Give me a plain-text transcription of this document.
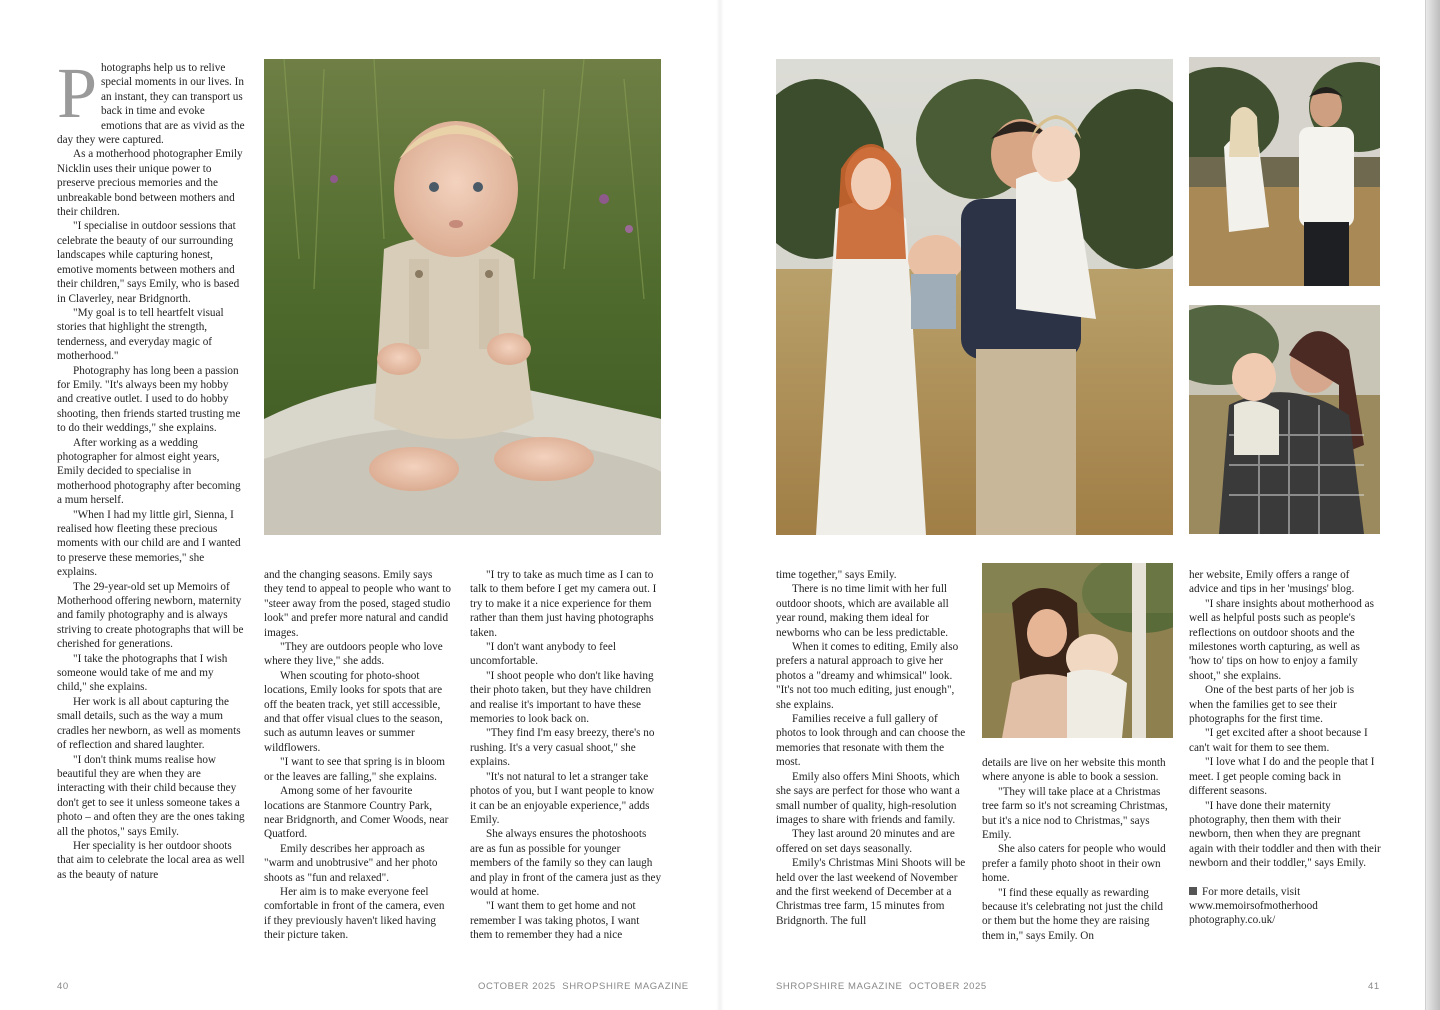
P hotographs help us to relive special moments in our lives. In an instant, they can transport us back in time and evoke emotions that are as vivid as the day they were captured.

As a motherhood photographer Emily Nicklin uses their unique power to preserve precious memories and the unbreakable bond between mothers and their children.

"I specialise in outdoor sessions that celebrate the beauty of our surrounding landscapes while capturing honest, emotive moments between mothers and their children," says Emily, who is based in Claverley, near Bridgnorth.

"My goal is to tell heartfelt visual stories that highlight the strength, tenderness, and everyday magic of motherhood."

Photography has long been a passion for Emily. "It's always been my hobby and creative outlet. I used to do hobby shooting, then friends started trusting me to do their weddings," she explains.

After working as a wedding photographer for almost eight years, Emily decided to specialise in motherhood photography after becoming a mum herself.

"When I had my little girl, Sienna, I realised how fleeting these precious moments with our child are and I wanted to preserve these memories," she explains.

The 29-year-old set up Memoirs of Motherhood offering newborn, maternity and family photography and is always striving to create photographs that will be cherished for generations.

"I take the photographs that I wish someone would take of me and my child," she explains.

Her work is all about capturing the small details, such as the way a mum cradles her newborn, as well as moments of reflection and shared laughter.

"I don't think mums realise how beautiful they are when they are interacting with their child because they don't get to see it unless someone takes a photo – and often they are the ones taking all the photos," says Emily.

Her speciality is her outdoor shoots that aim to celebrate the local area as well as the beauty of nature

and the changing seasons. Emily says they tend to appeal to people who want to "steer away from the posed, staged studio look" and prefer more natural and candid images.

"They are outdoors people who love where they live," she adds.

When scouting for photo-shoot locations, Emily looks for spots that are off the beaten track, yet still accessible, and that offer visual clues to the season, such as autumn leaves or summer wildflowers.

"I want to see that spring is in bloom or the leaves are falling," she explains.

Among some of her favourite locations are Stanmore Country Park, near Bridgnorth, and Comer Woods, near Quatford.

Emily describes her approach as "warm and unobtrusive" and her photo shoots as "fun and relaxed".

Her aim is to make everyone feel comfortable in front of the camera, even if they previously haven't liked having their picture taken.

"I try to take as much time as I can to talk to them before I get my camera out. I try to make it a nice experience for them rather than them just having photographs taken.

"I don't want anybody to feel uncomfortable.

"I shoot people who don't like having their photo taken, but they have children and realise it's important to have these memories to look back on.

"They find I'm easy breezy, there's no rushing. It's a very casual shoot," she explains.

"It's not natural to let a stranger take photos of you, but I want people to know it can be an enjoyable experience," adds Emily.

She always ensures the photoshoots are as fun as possible for younger members of the family so they can laugh and play in front of the camera just as they would at home.

"I want them to get home and not remember I was taking photos, I want them to remember they had a nice

40	OCTOBER 2025 SHROPSHIRE MAGAZINE

time together," says Emily.

There is no time limit with her full outdoor shoots, which are available all year round, making them ideal for newborns who can be less predictable.

When it comes to editing, Emily also prefers a natural approach to give her photos a "dreamy and whimsical" look. "It's not too much editing, just enough", she explains.

Families receive a full gallery of photos to look through and can choose the memories that resonate with them the most.

Emily also offers Mini Shoots, which she says are perfect for those who want a small number of quality, high-resolution images to share with friends and family.

They last around 20 minutes and are offered on set days seasonally.

Emily's Christmas Mini Shoots will be held over the last weekend of November and the first weekend of December at a Christmas tree farm, 15 minutes from Bridgnorth. The full

details are live on her website this month where anyone is able to book a session.

"They will take place at a Christmas tree farm so it's not screaming Christmas, but it's a nice nod to Christmas," says Emily.

She also caters for people who would prefer a family photo shoot in their own home.

"I find these equally as rewarding because it's celebrating not just the child or them but the home they are raising them in," says Emily. On

her website, Emily offers a range of advice and tips in her 'musings' blog.

"I share insights about motherhood as well as helpful posts such as people's reflections on outdoor shoots and the milestones worth capturing, as well as 'how to' tips on how to enjoy a family shoot," she explains.

One of the best parts of her job is when the families get to see their photographs for the first time.

"I get excited after a shoot because I can't wait for them to see them.

"I love what I do and the people that I meet. I get people coming back in different seasons.

"I have done their maternity photography, then them with their newborn, then when they are pregnant again with their toddler and then with their newborn and their toddler," says Emily.

For more details, visit
www.memoirsofmotherhood photography.co.uk/

SHROPSHIRE MAGAZINE OCTOBER 2025	41
